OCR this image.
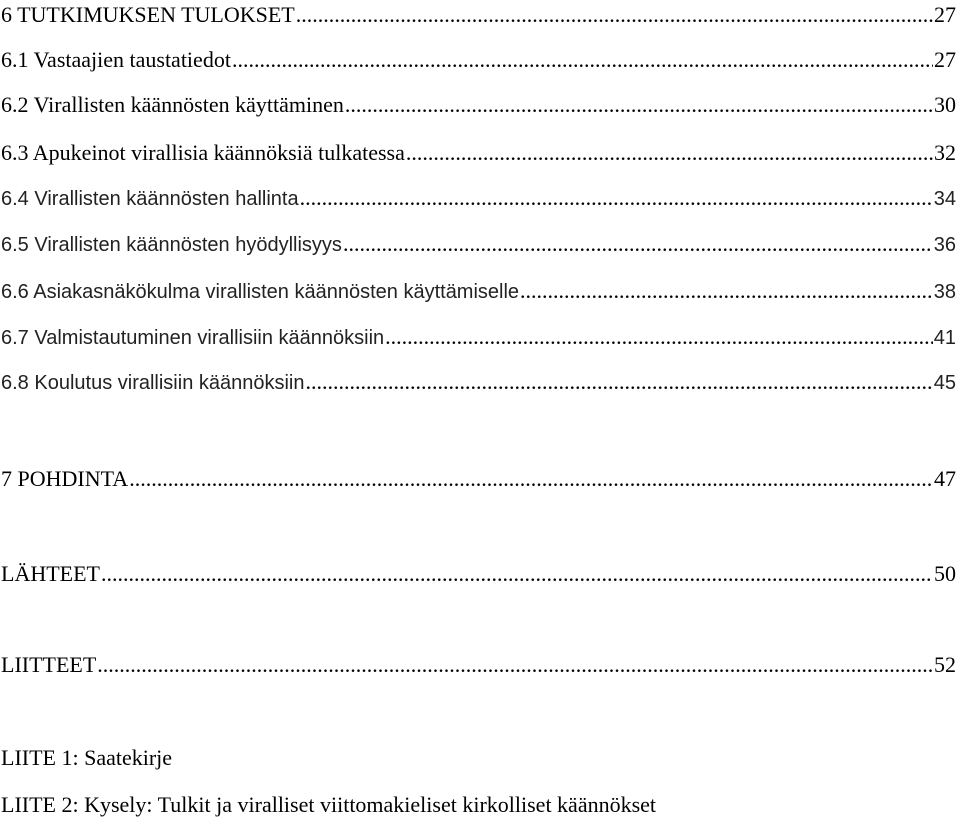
6 TUTKIMUKSEN TULOKSET .....	27
6.1 Vastaajien taustatiedot .....	27
6.2 Virallisten käännösten käyttäminen .....	30
6.3 Apukeinot virallisia käännöksiä tulkatessa .....	32
6.4 Virallisten käännösten hallinta .....	34
6.5 Virallisten käännösten hyödyllisyys .....	36
6.6 Asiakasnäkökulma virallisten käännösten käyttämiselle .....	38
6.7 Valmistautuminen virallisiin käännöksiin .....	41
6.8 Koulutus virallisiin käännöksiin .....	45
7 POHDINTA .....	47
LÄHTEET .....	50
LIITTEET .....	52
LIITE 1: Saatekirje
LIITE 2: Kysely: Tulkit ja viralliset viittomakieliset kirkolliset käännökset
